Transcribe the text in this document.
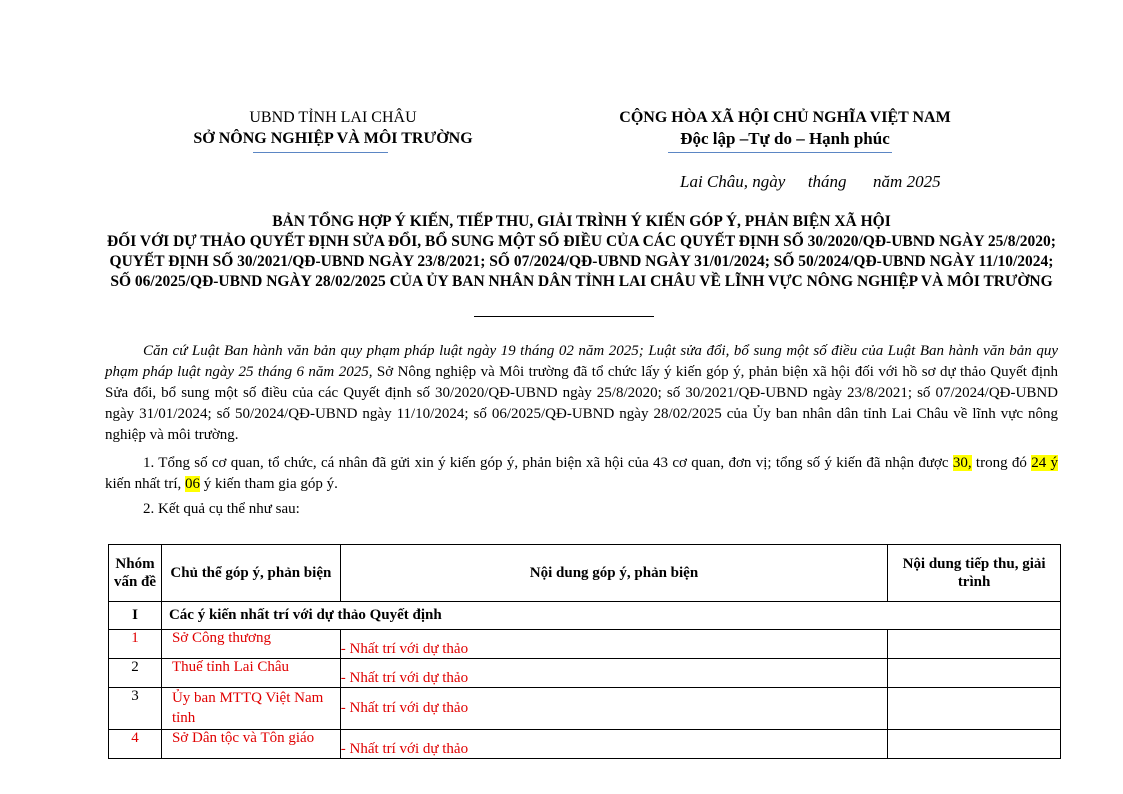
UBND TỈNH LAI CHÂU
SỞ NÔNG NGHIỆP VÀ MÔI TRƯỜNG
CỘNG HÒA XÃ HỘI CHỦ NGHĨA VIỆT NAM
Độc lập –Tự do – Hạnh phúc
Lai Châu, ngày tháng năm 2025
BẢN TỔNG HỢP Ý KIẾN, TIẾP THU, GIẢI TRÌNH Ý KIẾN GÓP Ý, PHẢN BIỆN XÃ HỘI
ĐỐI VỚI DỰ THẢO QUYẾT ĐỊNH SỬA ĐỔI, BỔ SUNG MỘT SỐ ĐIỀU CỦA CÁC QUYẾT ĐỊNH SỐ 30/2020/QĐ-UBND NGÀY 25/8/2020; QUYẾT ĐỊNH SỐ 30/2021/QĐ-UBND NGÀY 23/8/2021; SỐ 07/2024/QĐ-UBND NGÀY 31/01/2024; SỐ 50/2024/QĐ-UBND NGÀY 11/10/2024; SỐ 06/2025/QĐ-UBND NGÀY 28/02/2025 CỦA ỦY BAN NHÂN DÂN TỈNH LAI CHÂU VỀ LĨNH VỰC NÔNG NGHIỆP VÀ MÔI TRƯỜNG
Căn cứ Luật Ban hành văn bản quy phạm pháp luật ngày 19 tháng 02 năm 2025; Luật sửa đổi, bổ sung một số điều của Luật Ban hành văn bản quy phạm pháp luật ngày 25 tháng 6 năm 2025, Sở Nông nghiệp và Môi trường đã tổ chức lấy ý kiến góp ý, phản biện xã hội đối với hồ sơ dự thảo Quyết định Sửa đổi, bổ sung một số điều của các Quyết định số 30/2020/QĐ-UBND ngày 25/8/2020; số 30/2021/QĐ-UBND ngày 23/8/2021; số 07/2024/QĐ-UBND ngày 31/01/2024; số 50/2024/QĐ-UBND ngày 11/10/2024; số 06/2025/QĐ-UBND ngày 28/02/2025 của Ủy ban nhân dân tỉnh Lai Châu về lĩnh vực nông nghiệp và môi trường.
1. Tổng số cơ quan, tổ chức, cá nhân đã gửi xin ý kiến góp ý, phản biện xã hội của 43 cơ quan, đơn vị; tổng số ý kiến đã nhận được 30, trong đó 24 ý kiến nhất trí, 06 ý kiến tham gia góp ý.
2. Kết quả cụ thể như sau:
Nhóm vấn đề	Chủ thể góp ý, phản biện	Nội dung góp ý, phản biện	Nội dung tiếp thu, giải trình
I	Các ý kiến nhất trí với dự thảo Quyết định		
1	Sở Công thương	- Nhất trí với dự thảo	

2	Thuế tỉnh Lai Châu	- Nhất trí với dự thảo	

3	Ủy ban MTTQ Việt Nam tỉnh	- Nhất trí với dự thảo	

4	Sở Dân tộc và Tôn giáo	- Nhất trí với dự thảo	
